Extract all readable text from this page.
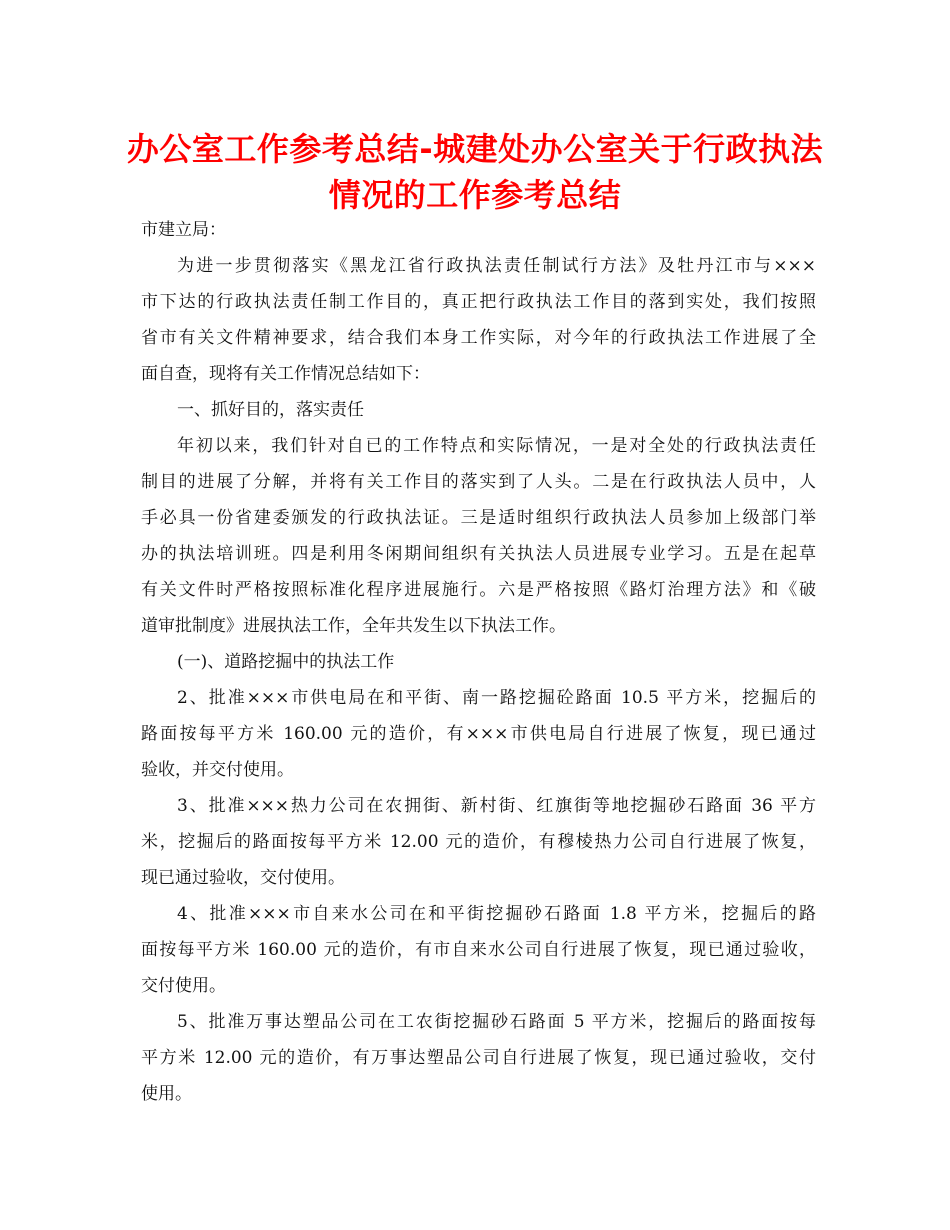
办公室工作参考总结-城建处办公室关于行政执法
情况的工作参考总结
市建立局：
为进一步贯彻落实《黑龙江省行政执法责任制试行方法》及牡丹江市与×××
市下达的行政执法责任制工作目的，真正把行政执法工作目的落到实处，我们按照
省市有关文件精神要求，结合我们本身工作实际，对今年的行政执法工作进展了全
面自查，现将有关工作情况总结如下：
一、抓好目的，落实责任
年初以来，我们针对自已的工作特点和实际情况，一是对全处的行政执法责任
制目的进展了分解，并将有关工作目的落实到了人头。二是在行政执法人员中，人
手必具一份省建委颁发的行政执法证。三是适时组织行政执法人员参加上级部门举
办的执法培训班。四是利用冬闲期间组织有关执法人员进展专业学习。五是在起草
有关文件时严格按照标准化程序进展施行。六是严格按照《路灯治理方法》和《破
道审批制度》进展执法工作，全年共发生以下执法工作。
(一)、道路挖掘中的执法工作
2、批准×××市供电局在和平街、南一路挖掘砼路面 10.5 平方米，挖掘后的
路面按每平方米 160.00 元的造价，有×××市供电局自行进展了恢复，现已通过
验收，并交付使用。
3、批准×××热力公司在农拥街、新村街、红旗街等地挖掘砂石路面 36 平方
米，挖掘后的路面按每平方米 12.00 元的造价，有穆棱热力公司自行进展了恢复，
现已通过验收，交付使用。
4、批准×××市自来水公司在和平街挖掘砂石路面 1.8 平方米，挖掘后的路
面按每平方米 160.00 元的造价，有市自来水公司自行进展了恢复，现已通过验收，
交付使用。
5、批准万事达塑品公司在工农街挖掘砂石路面 5 平方米，挖掘后的路面按每
平方米 12.00 元的造价，有万事达塑品公司自行进展了恢复，现已通过验收，交付
使用。
